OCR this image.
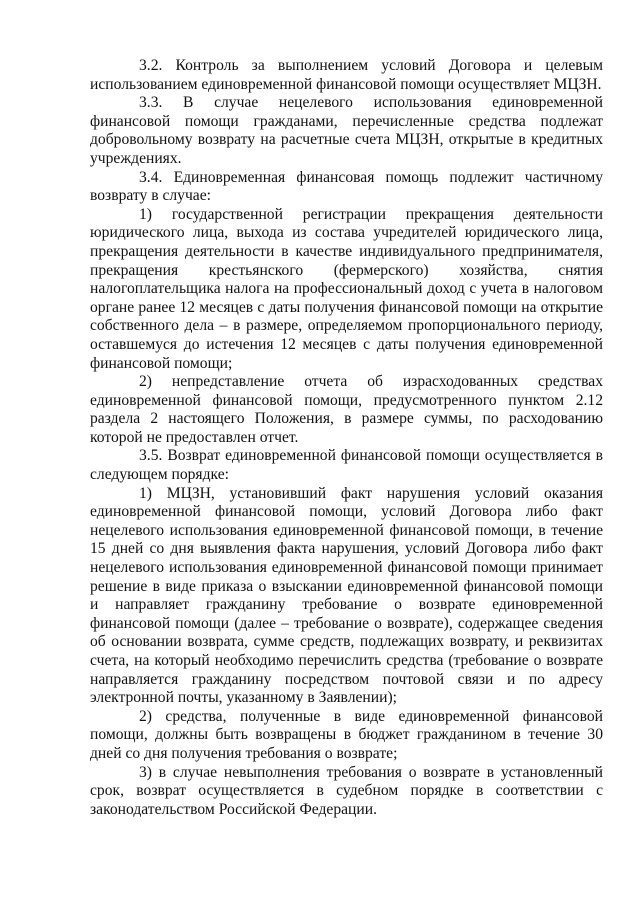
3.2. Контроль за выполнением условий Договора и целевым использованием единовременной финансовой помощи осуществляет МЦЗН.

3.3. В случае нецелевого использования единовременной финансовой помощи гражданами, перечисленные средства подлежат добровольному возврату на расчетные счета МЦЗН, открытые в кредитных учреждениях.

3.4. Единовременная финансовая помощь подлежит частичному возврату в случае:

1) государственной регистрации прекращения деятельности юридического лица, выхода из состава учредителей юридического лица, прекращения деятельности в качестве индивидуального предпринимателя, прекращения крестьянского (фермерского) хозяйства, снятия налогоплательщика налога на профессиональный доход с учета в налоговом органе ранее 12 месяцев с даты получения финансовой помощи на открытие собственного дела – в размере, определяемом пропорционального периоду, оставшемуся до истечения 12 месяцев с даты получения единовременной финансовой помощи;

2) непредставление отчета об израсходованных средствах единовременной финансовой помощи, предусмотренного пунктом 2.12 раздела 2 настоящего Положения, в размере суммы, по расходованию которой не предоставлен отчет.

3.5. Возврат единовременной финансовой помощи осуществляется в следующем порядке:

1) МЦЗН, установивший факт нарушения условий оказания единовременной финансовой помощи, условий Договора либо факт нецелевого использования единовременной финансовой помощи, в течение 15 дней со дня выявления факта нарушения, условий Договора либо факт нецелевого использования единовременной финансовой помощи принимает решение в виде приказа о взыскании единовременной финансовой помощи и направляет гражданину требование о возврате единовременной финансовой помощи (далее – требование о возврате), содержащее сведения об основании возврата, сумме средств, подлежащих возврату, и реквизитах счета, на который необходимо перечислить средства (требование о возврате направляется гражданину посредством почтовой связи и по адресу электронной почты, указанному в Заявлении);

2) средства, полученные в виде единовременной финансовой помощи, должны быть возвращены в бюджет гражданином в течение 30 дней со дня получения требования о возврате;

3) в случае невыполнения требования о возврате в установленный срок, возврат осуществляется в судебном порядке в соответствии с законодательством Российской Федерации.
